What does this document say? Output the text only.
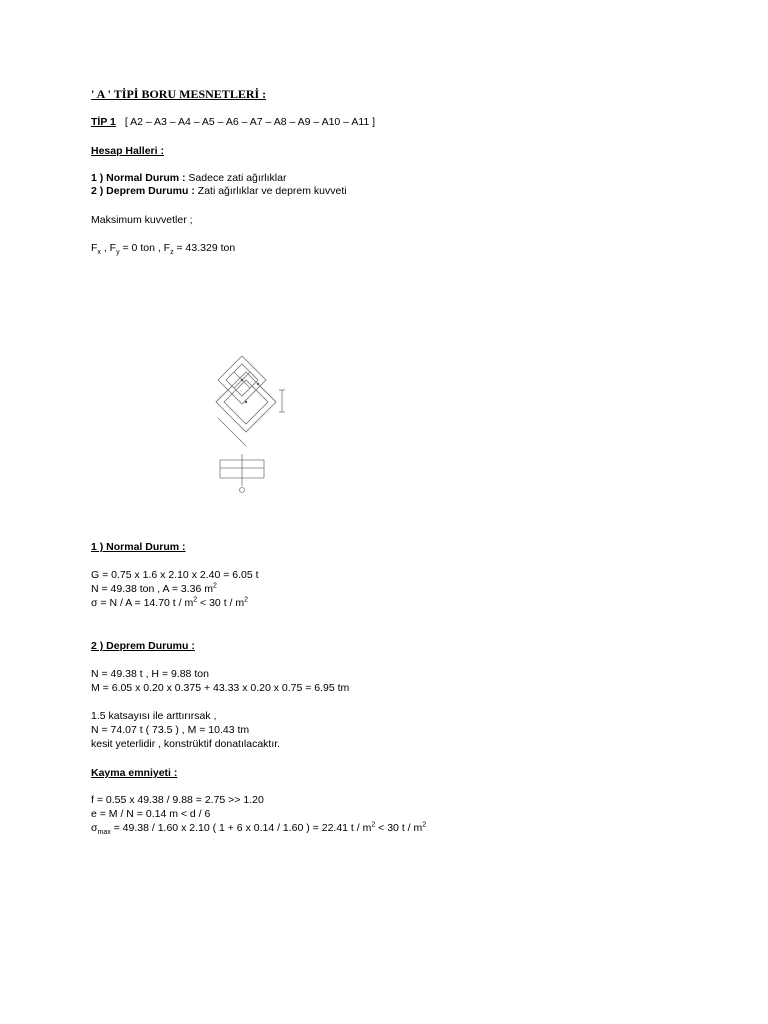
' A ' TİPİ BORU MESNETLERİ :
TİP 1 [ A2 – A3 – A4 – A5 – A6 – A7 – A8 – A9 – A10 – A11 ]
Hesap Halleri :
1 ) Normal Durum : Sadece zati ağırlıklar
2 ) Deprem Durumu : Zati ağırlıklar ve deprem kuvveti
Maksimum kuvvetler ;
$F_x$ , $F_y = 0$ ton , $F_z = 43.329$ ton
1 ) Normal Durum :
G = 0.75 x 1.6 x 2.10 x 2.40 = 6.05 t
N = 49.38 ton , A = 3.36 $m^2$
σ = N / A = 14.70 $t / m^2 < 30$ t / $m^2$
2 ) Deprem Durumu :
N = 49.38 t , H = 9.88 ton
M = 6.05 x 0.20 x 0.375 + 43.33 x 0.20 x 0.75 = 6.95 tm
1.5 katsayısı ile arttırırsak ,
N = 74.07 t ( 73.5 ) , M = 10.43 tm
kesit yeterlidir , konstrüktif donatılacaktır.
Kayma emniyeti :
f = 0.55 x 49.38 / 9.88 = 2.75 >> 1.20
e = M / N = 0.14 m < d / 6
$\sigma_{max} = 49.38 / 1.60$ x 2.10 ( 1 + 6 x 0.14 / 1.60 ) = 22.41 $t / m^2 < 30$ t / $m^2$
